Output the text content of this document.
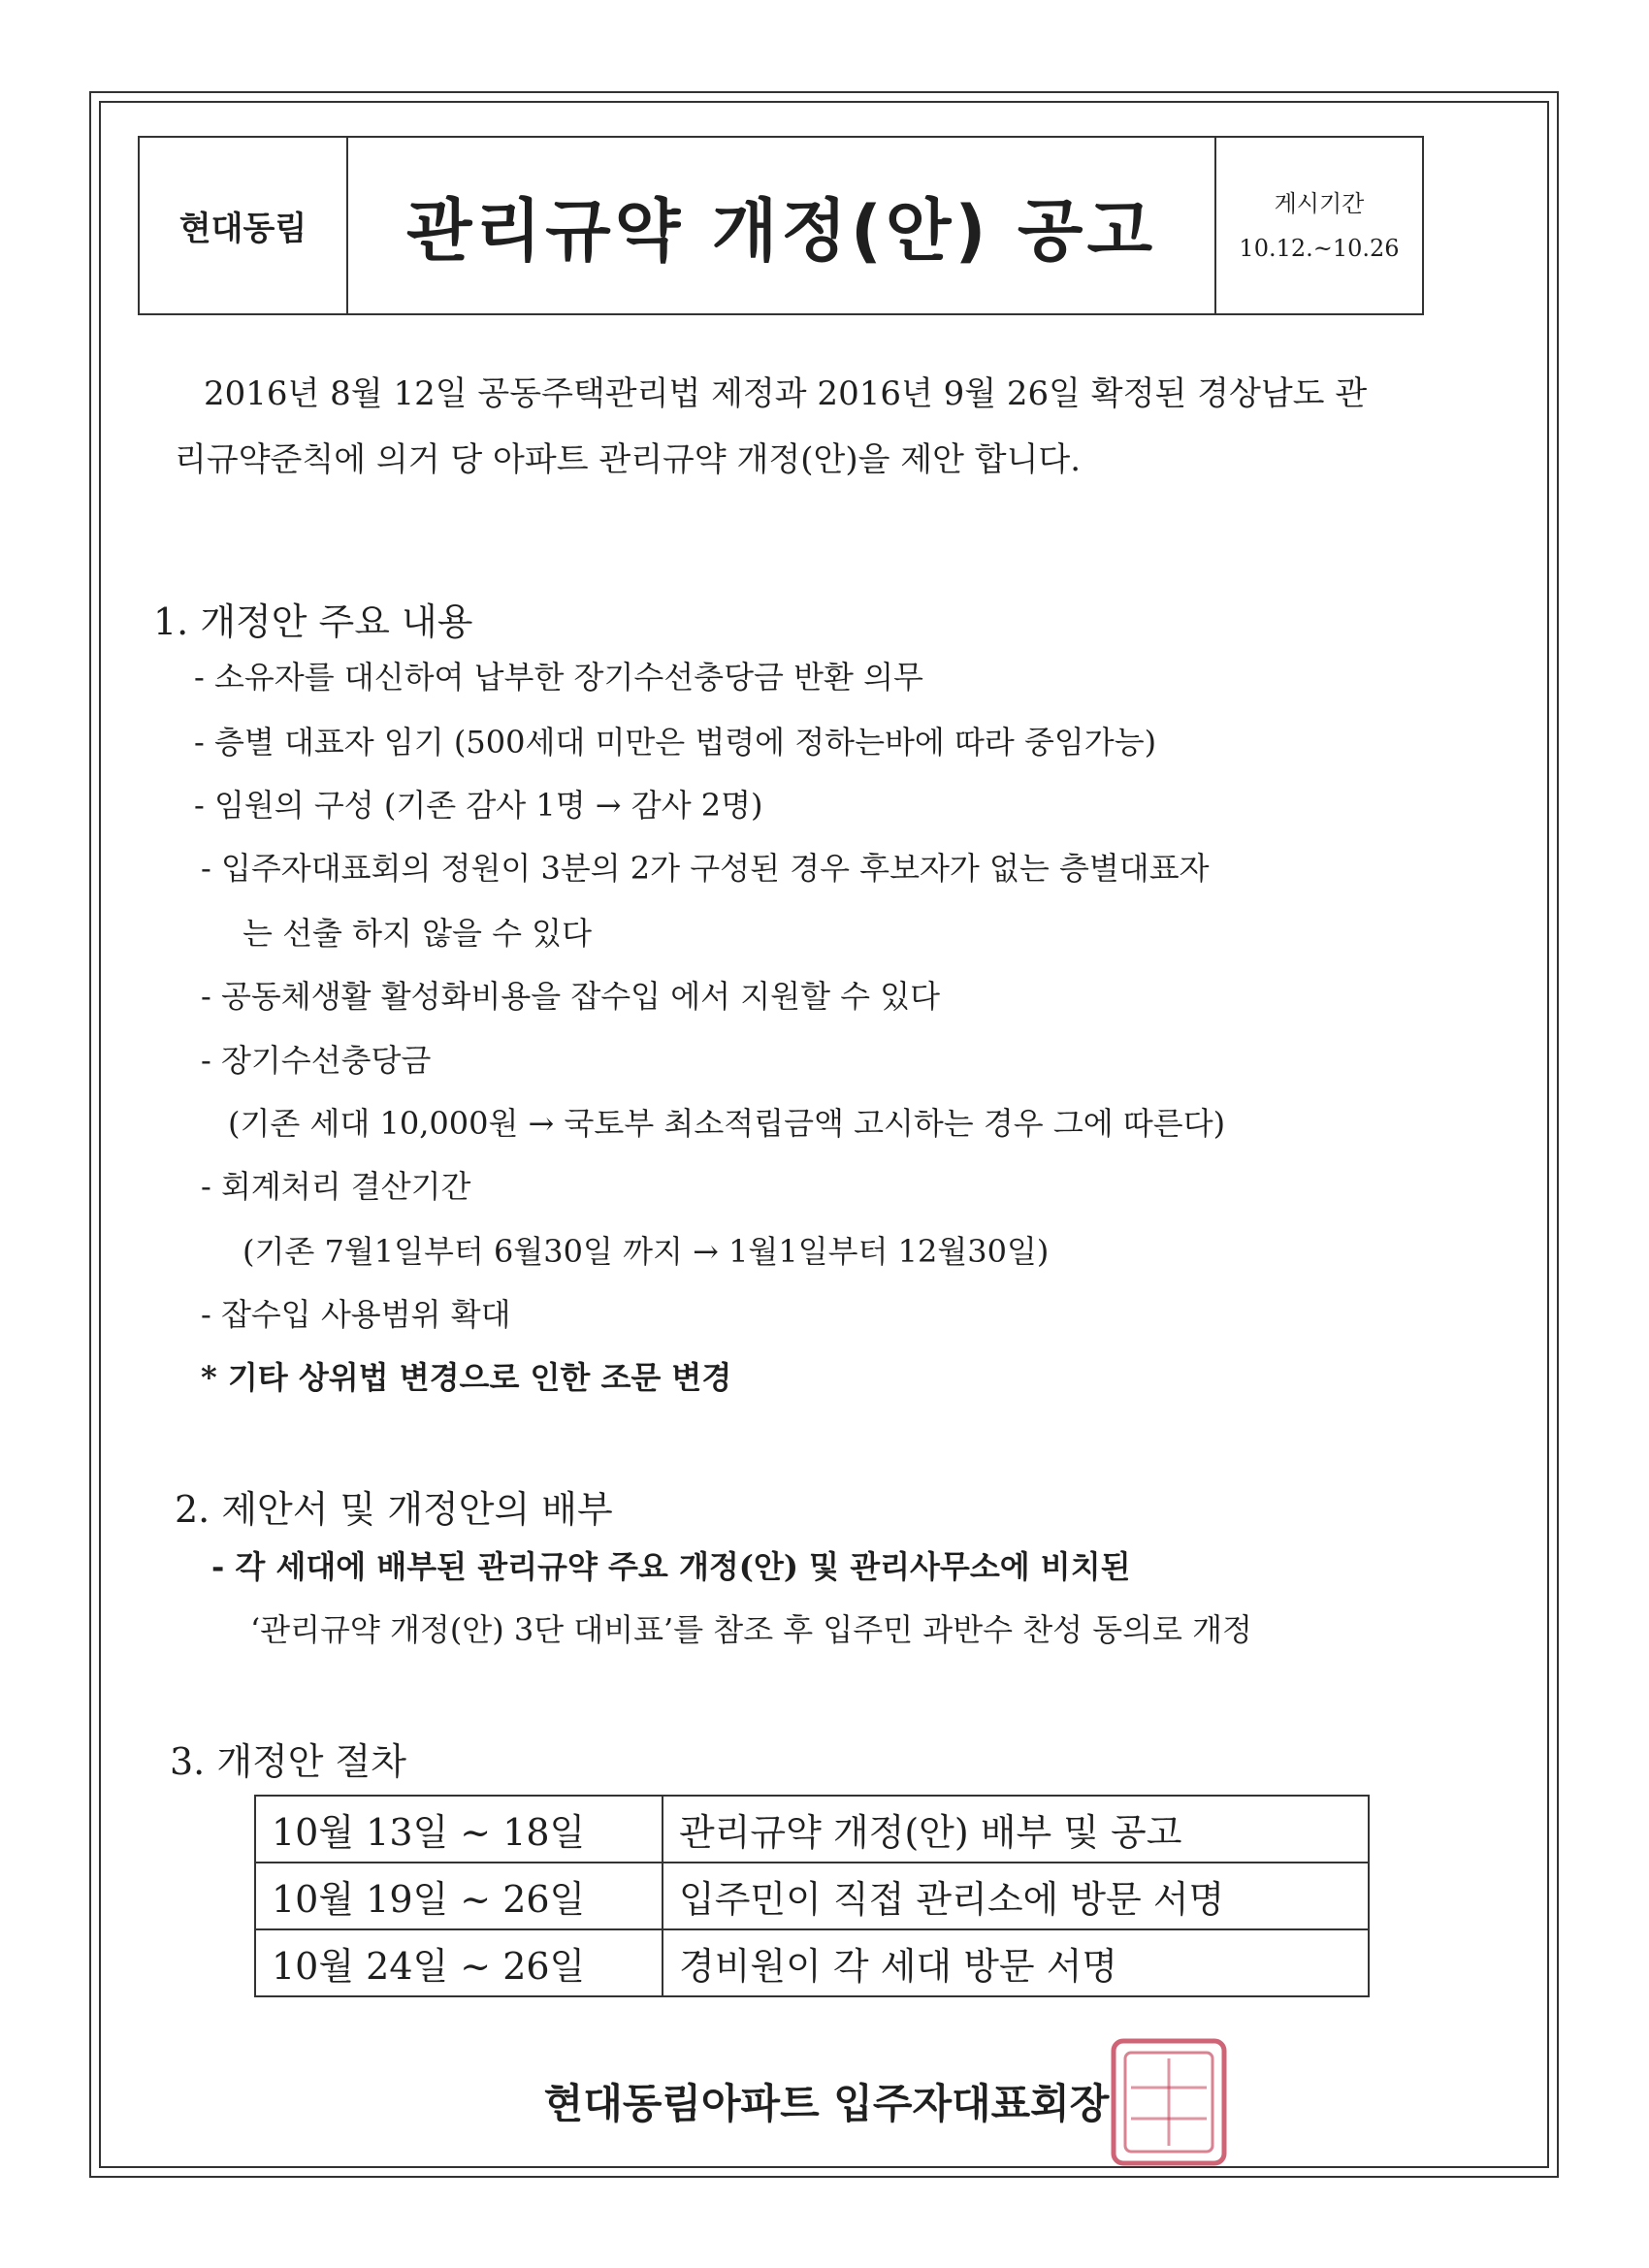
현대동림	관리규약 개정(안) 공고	게시기간
10.12.~10.26

2016년 8월 12일 공동주택관리법 제정과 2016년 9월 26일 확정된 경상남도 관리규약준칙에 의거 당 아파트 관리규약 개정(안)을 제안 합니다.

1. 개정안 주요 내용

- 소유자를 대신하여 납부한 장기수선충당금 반환 의무

- 층별 대표자 임기 (500세대 미만은 법령에 정하는바에 따라 중임가능)

- 임원의 구성 (기존 감사 1명 → 감사 2명)

- 입주자대표회의 정원이 3분의 2가 구성된 경우 후보자가 없는 층별대표자

는 선출 하지 않을 수 있다

- 공동체생활 활성화비용을 잡수입 에서 지원할 수 있다

- 장기수선충당금

(기존 세대 10,000원 → 국토부 최소적립금액 고시하는 경우 그에 따른다)

- 회계처리 결산기간

(기존 7월1일부터 6월30일 까지 → 1월1일부터 12월30일)

- 잡수입 사용범위 확대

* 기타 상위법 변경으로 인한 조문 변경

2. 제안서 및 개정안의 배부

- 각 세대에 배부된 관리규약 주요 개정(안) 및 관리사무소에 비치된

‘관리규약 개정(안) 3단 대비표’를 참조 후 입주민 과반수 찬성 동의로 개정

3. 개정안 절차

10월 13일 ~ 18일	관리규약 개정(안) 배부 및 공고
10월 19일 ~ 26일	입주민이 직접 관리소에 방문 서명
10월 24일 ~ 26일	경비원이 각 세대 방문 서명
현대동림아파트 입주자대표회장
